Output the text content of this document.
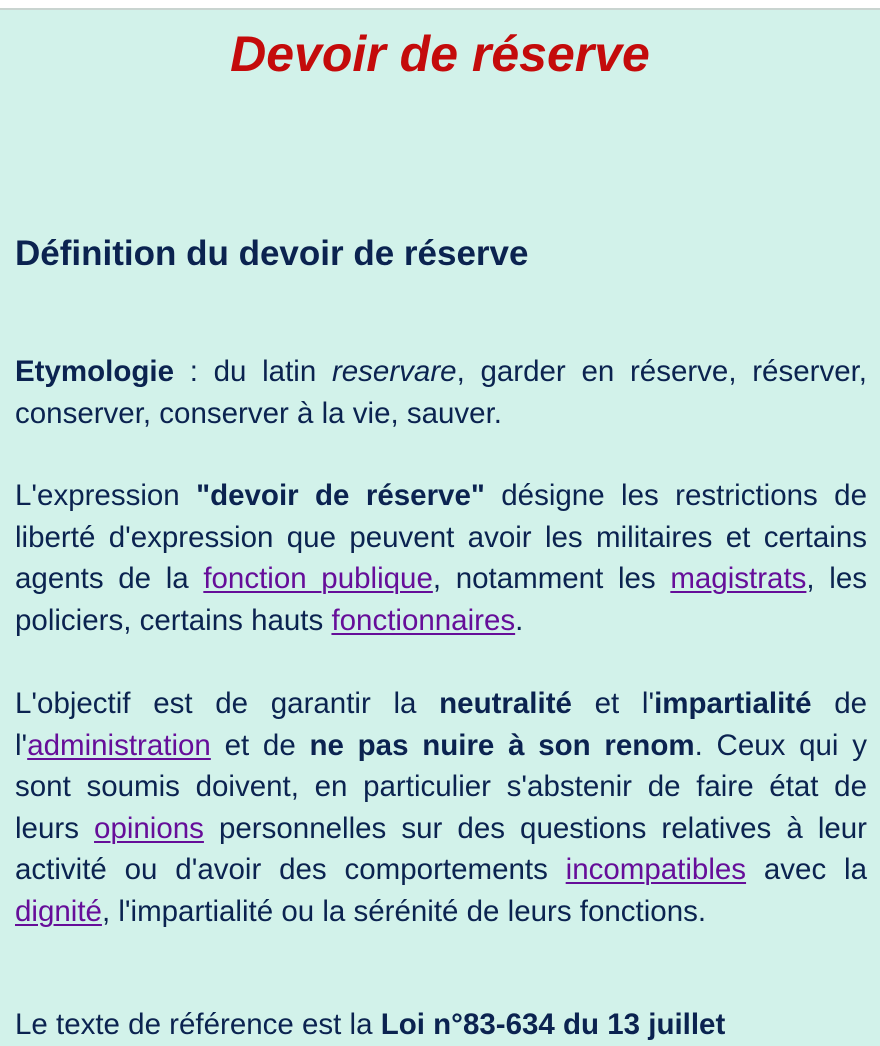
Devoir de réserve
Définition du devoir de réserve

Etymologie : du latin reservare, garder en réserve, réserver, conserver, conserver à la vie, sauver.

L'expression "devoir de réserve" désigne les restrictions de liberté d'expression que peuvent avoir les militaires et certains agents de la fonction publique, notamment les magistrats, les policiers, certains hauts fonctionnaires.

L'objectif est de garantir la neutralité et l'impartialité de l'administration et de ne pas nuire à son renom. Ceux qui y sont soumis doivent, en particulier s'abstenir de faire état de leurs opinions personnelles sur des questions relatives à leur activité ou d'avoir des comportements incompatibles avec la dignité, l'impartialité ou la sérénité de leurs fonctions.

Le texte de référence est la Loi n°83-634 du 13 juillet
